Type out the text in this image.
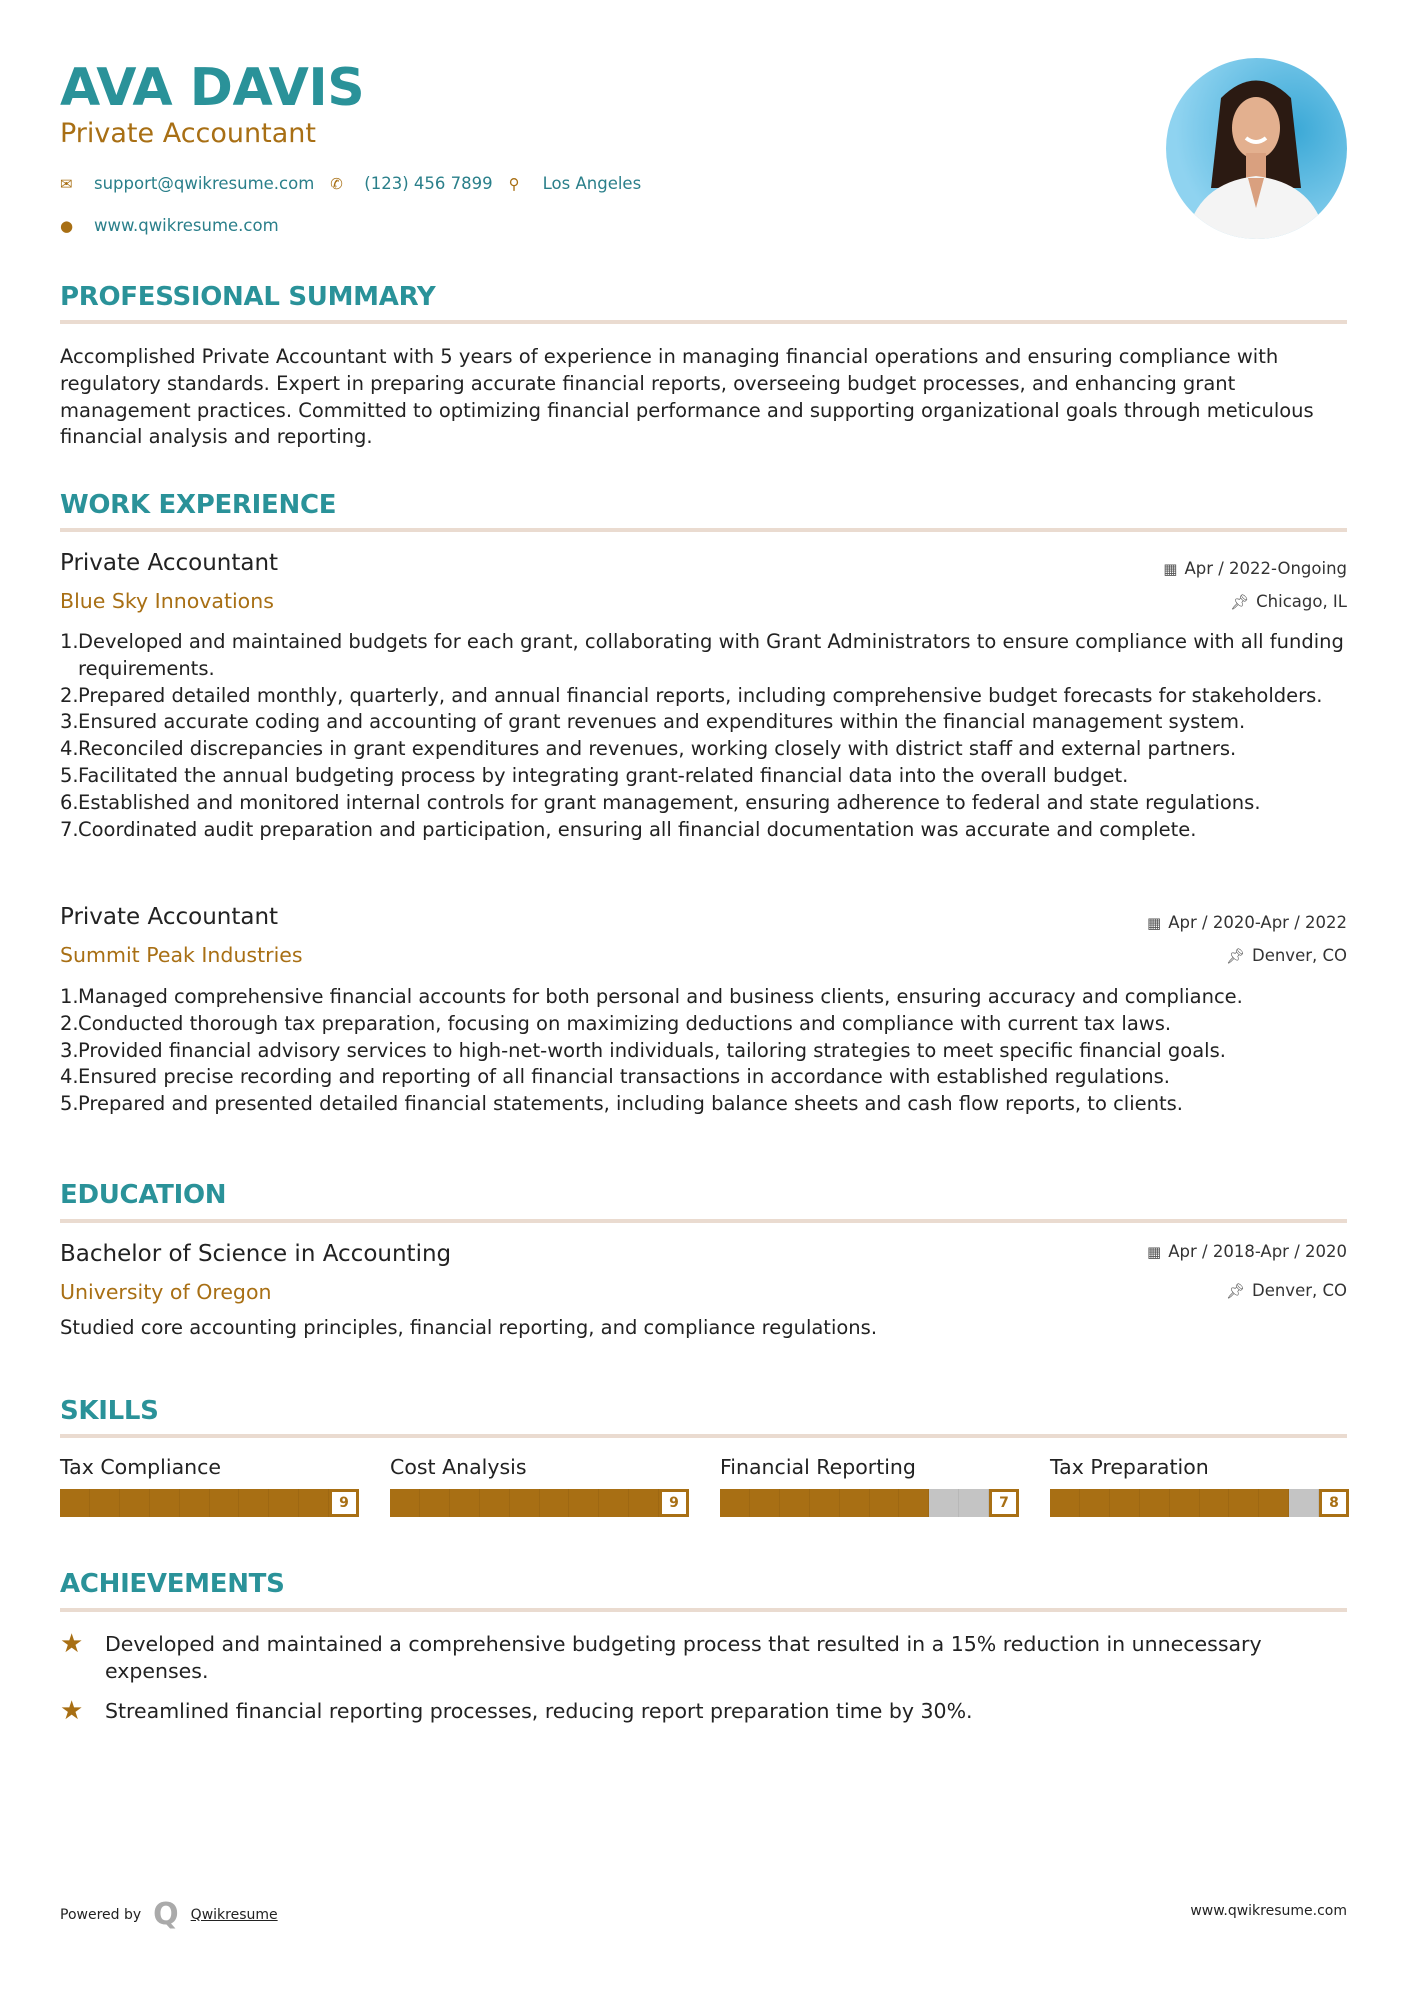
AVA DAVIS
Private Accountant
✉	support@qwikresume.com ✆	(123) 456 7899 ⚲	Los Angeles
●	www.qwikresume.com
PROFESSIONAL SUMMARY
Accomplished Private Accountant with 5 years of experience in managing financial operations and ensuring compliance with regulatory standards. Expert in preparing accurate financial reports, overseeing budget processes, and enhancing grant management practices. Committed to optimizing financial performance and supporting organizational goals through meticulous financial analysis and reporting.
WORK EXPERIENCE
Private Accountant
Blue Sky Innovations
▦ Apr / 2022-Ongoing
📌︎ Chicago, IL
Developed and maintained budgets for each grant, collaborating with Grant Administrators to ensure compliance with all funding requirements.
Prepared detailed monthly, quarterly, and annual financial reports, including comprehensive budget forecasts for stakeholders.
Ensured accurate coding and accounting of grant revenues and expenditures within the financial management system.
Reconciled discrepancies in grant expenditures and revenues, working closely with district staff and external partners.
Facilitated the annual budgeting process by integrating grant-related financial data into the overall budget.
Established and monitored internal controls for grant management, ensuring adherence to federal and state regulations.
Coordinated audit preparation and participation, ensuring all financial documentation was accurate and complete.
Private Accountant
Summit Peak Industries
▦ Apr / 2020-Apr / 2022
📌︎ Denver, CO
Managed comprehensive financial accounts for both personal and business clients, ensuring accuracy and compliance.
Conducted thorough tax preparation, focusing on maximizing deductions and compliance with current tax laws.
Provided financial advisory services to high-net-worth individuals, tailoring strategies to meet specific financial goals.
Ensured precise recording and reporting of all financial transactions in accordance with established regulations.
Prepared and presented detailed financial statements, including balance sheets and cash flow reports, to clients.
EDUCATION
Bachelor of Science in Accounting
University of Oregon
▦ Apr / 2018-Apr / 2020
📌︎ Denver, CO
Studied core accounting principles, financial reporting, and compliance regulations.
SKILLS
Tax Compliance
9
Cost Analysis
9
Financial Reporting
7
Tax Preparation
8
ACHIEVEMENTS
★	Developed and maintained a comprehensive budgeting process that resulted in a 15% reduction in unnecessary expenses.
★	Streamlined financial reporting processes, reducing report preparation time by 30%.
Powered by Q Qwikresume	www.qwikresume.com
